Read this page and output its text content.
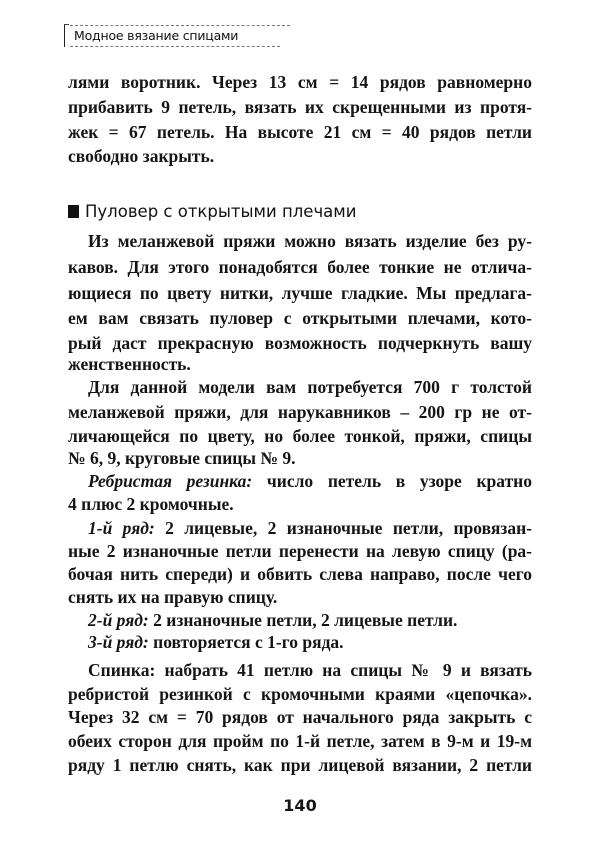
Модное вязание спицами
Пуловер с открытыми плечами
лями воротник. Через 13 см = 14 рядов равномерно
прибавить 9 петель, вязать их скрещенными из протя-
жек = 67 петель. На высоте 21 см = 40 рядов петли
свободно закрыть.
Из меланжевой пряжи можно вязать изделие без ру-
кавов. Для этого понадобятся более тонкие не отлича-
ющиеся по цвету нитки, лучше гладкие. Мы предлага-
ем вам связать пуловер с открытыми плечами, кото-
рый даст прекрасную возможность подчеркнуть вашу
женственность.
Для данной модели вам потребуется 700 г толстой
меланжевой пряжи, для нарукавников – 200 гр не от-
личающейся по цвету, но более тонкой, пряжи, спицы
№ 6, 9, круговые спицы № 9.
Ребристая резинка: число петель в узоре кратно
4 плюс 2 кромочные.
1-й ряд: 2 лицевые, 2 изнаночные петли, провязан-
ные 2 изнаночные петли перенести на левую спицу (ра-
бочая нить спереди) и обвить слева направо, после чего
снять их на правую спицу.
2-й ряд: 2 изнаночные петли, 2 лицевые петли.
3-й ряд: повторяется с 1-го ряда.
Спинка: набрать 41 петлю на спицы № 9 и вязать
ребристой резинкой с кромочными краями «цепочка».
Через 32 см = 70 рядов от начального ряда закрыть с
обеих сторон для пройм по 1-й петле, затем в 9-м и 19-м
ряду 1 петлю снять, как при лицевой вязании, 2 петли
140
